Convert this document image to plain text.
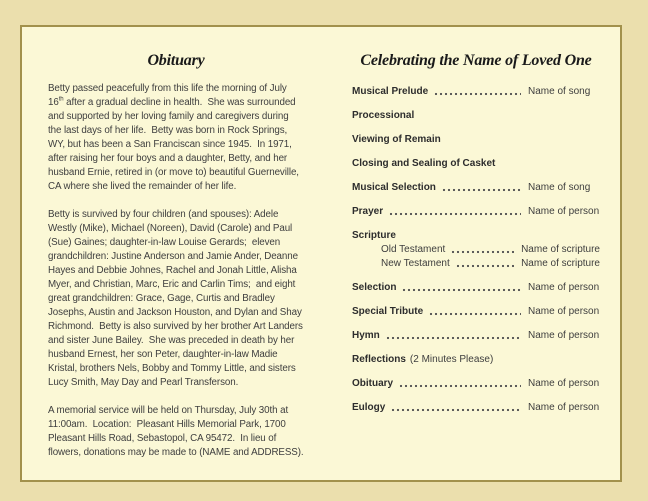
Obituary

Betty passed peacefully from this life the morning of July 16th after a gradual decline in health.  She was surrounded and supported by her loving family and caregivers during the last days of her life.  Betty was born in Rock Springs, WY, but has been a San Franciscan since 1945.  In 1971, after raising her four boys and a daughter, Betty, and her husband Ernie, retired in (or move to) beautiful Guerneville, CA where she lived the remainder of her life.

Betty is survived by four children (and spouses): Adele Westly (Mike), Michael (Noreen), David (Carole) and Paul (Sue) Gaines; daughter-in-law Louise Gerards;  eleven grandchildren: Justine Anderson and Jamie Ander, Deanne Hayes and Debbie Johnes, Rachel and Jonah Little, Alisha Myer, and Christian, Marc, Eric and Carlin Tims;  and eight great grandchildren: Grace, Gage, Curtis and Bradley Josephs, Austin and Jackson Houston, and Dylan and Shay Richmond.  Betty is also survived by her brother Art Landers and sister June Bailey.  She was preceded in death by her husband Ernest, her son Peter, daughter-in-law Madie Kristal, brothers Nels, Bobby and Tommy Little, and sisters Lucy Smith, May Day and Pearl Transferson.

A memorial service will be held on Thursday, July 30th at 11:00am.  Location:  Pleasant Hills Memorial Park, 1700 Pleasant Hills Road, Sebastopol, CA 95472.  In lieu of flowers, donations may be made to (NAME and ADDRESS).

Celebrating the Name of Loved One
Musical Prelude	Name of song
Processional
Viewing of Remain
Closing and Sealing of Casket
Musical Selection	Name of song
Prayer	Name of person
Scripture
Old Testament	Name of scripture
New Testament	Name of scripture
Selection	Name of person
Special Tribute	Name of person
Hymn	Name of person
Reflections (2 Minutes Please)
Obituary	Name of person
Eulogy	Name of person
